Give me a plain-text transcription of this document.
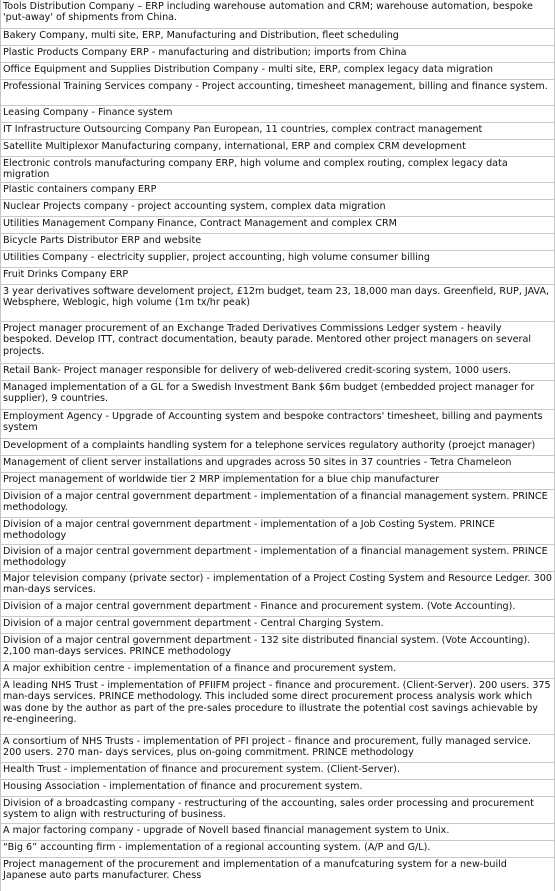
Tools Distribution Company – ERP including warehouse automation and CRM; warehouse automation, bespoke 'put-away' of shipments from China.
Bakery Company, multi site, ERP, Manufacturing and Distribution, fleet scheduling
Plastic Products Company ERP - manufacturing and distribution; imports from China
Office Equipment and Supplies Distribution Company - multi site, ERP, complex legacy data migration
Professional Training Services company - Project accounting, timesheet management, billing and finance system.
Leasing Company - Finance system
IT Infrastructure Outsourcing Company Pan European, 11 countries, complex contract management
Satellite Multiplexor Manufacturing company, international, ERP and complex CRM development
Electronic controls manufacturing company ERP, high volume and complex routing, complex legacy data migration
Plastic containers company ERP
Nuclear Projects company - project accounting system, complex data migration
Utilities Management Company Finance, Contract Management and complex CRM
Bicycle Parts Distributor ERP and website
Utilities Company - electricity supplier, project accounting, high volume consumer billing
Fruit Drinks Company ERP
3 year derivatives software develoment project, £12m budget, team 23, 18,000 man days. Greenfield, RUP, JAVA, Websphere, Weblogic, high volume (1m tx/hr peak)
Project manager procurement of an Exchange Traded Derivatives Commissions Ledger system - heavily bespoked. Develop ITT, contract documentation, beauty parade. Mentored other project managers on several projects.
Retail Bank- Project manager responsible for delivery of web-delivered credit-scoring system, 1000 users.
Managed implementation of a GL for a Swedish Investment Bank $6m budget (embedded project manager for supplier), 9 countries.
Employment Agency - Upgrade of Accounting system and bespoke contractors' timesheet, billing and payments system
Development of a complaints handling system for a telephone services regulatory authority (proejct manager)
Management of client server installations and upgrades across 50 sites in 37 countries - Tetra Chameleon
Project management of worldwide tier 2 MRP implementation for a blue chip manufacturer
Division of a major central government department - implementation of a financial management system. PRINCE methodology.
Division of a major central government department - implementation of a Job Costing System. PRINCE methodology
Division of a major central government department - implementation of a financial management system. PRINCE methodology
Major television company (private sector) - implementation of a Project Costing System and Resource Ledger. 300 man-days services.
Division of a major central government department - Finance and procurement system. (Vote Accounting).
Division of a major central government department - Central Charging System.
Division of a major central government department - 132 site distributed financial system. (Vote Accounting). 2,100 man-days services. PRINCE methodology
A major exhibition centre - implementation of a finance and procurement system.
A leading NHS Trust - implementation of PFIIFM project - finance and procurement. (Client-Server). 200 users. 375 man-days services. PRINCE methodology. This included some direct procurement process analysis work which was done by the author as part of the pre-sales procedure to illustrate the potential cost savings achievable by re-engineering.
A consortium of NHS Trusts - implementation of PFI project - finance and procurement, fully managed service. 200 users. 270 man- days services, plus on-going commitment. PRINCE methodology
Health Trust - implementation of finance and procurement system. (Client-Server).
Housing Association - implementation of finance and procurement system.
Division of a broadcasting company - restructuring of the accounting, sales order processing and procurement system to align with restructuring of business.
A major factoring company - upgrade of Novell based financial management system to Unix.
“Big 6” accounting firm - implementation of a regional accounting system. (A/P and G/L).
Project management of the procurement and implementation of a manufcaturing system for a new-build Japanese auto parts manufacturer. Chess
